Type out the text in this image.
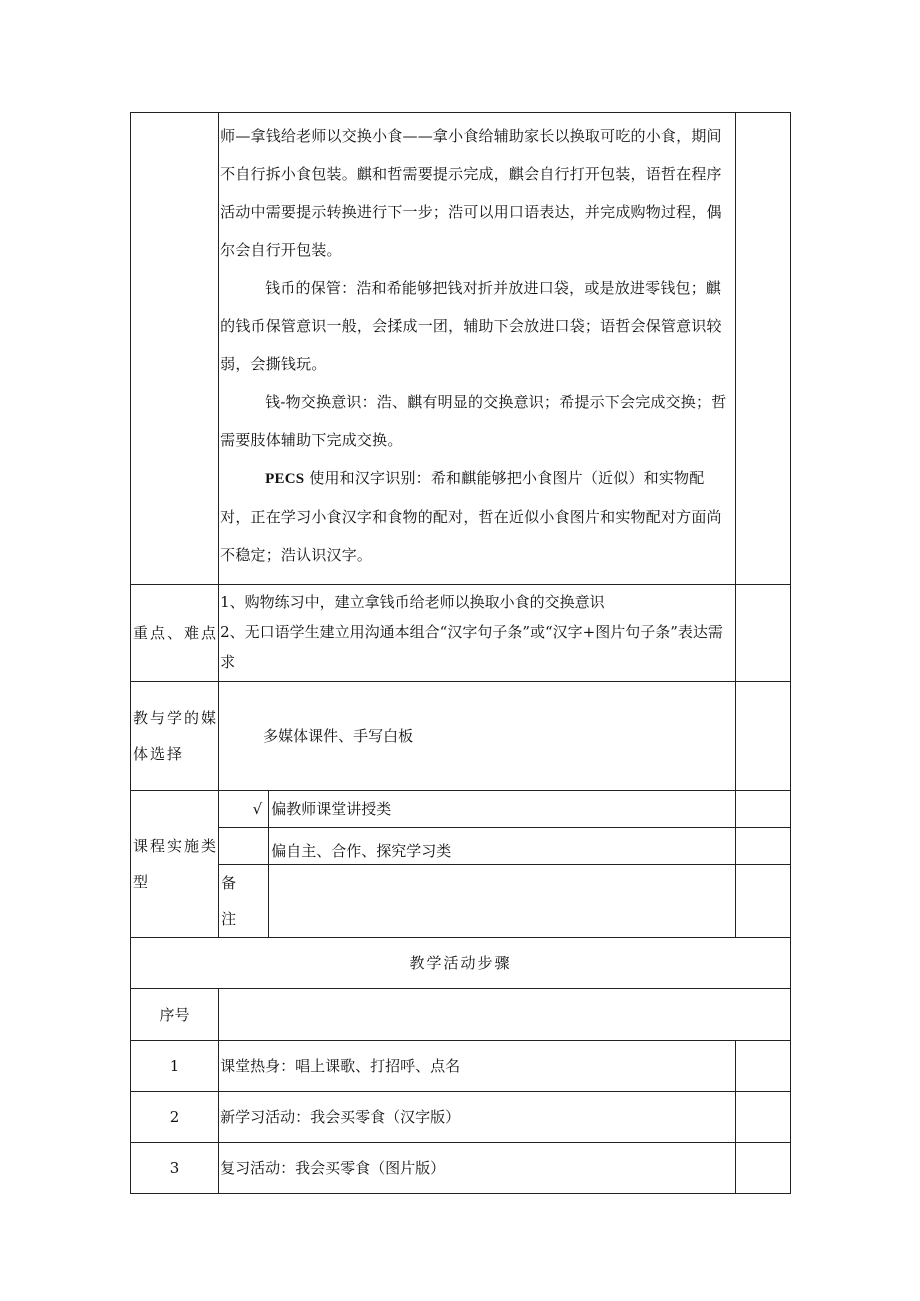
	师—拿钱给老师以交换小食——拿小食给辅助家长以换取可吃的小食，期间不自行拆小食包装。麒和哲需要提示完成，麒会自行打开包装，语哲在程序活动中需要提示转换进行下一步；浩可以用口语表达，并完成购物过程，偶尔会自行开包装。

钱币的保管：浩和希能够把钱对折并放进口袋，或是放进零钱包；麒的钱币保管意识一般，会揉成一团，辅助下会放进口袋；语哲会保管意识较弱，会撕钱玩。

钱-物交换意识：浩、麒有明显的交换意识；希提示下会完成交换；哲需要肢体辅助下完成交换。

PECS 使用和汉字识别：希和麒能够把小食图片（近似）和实物配对，正在学习小食汉字和食物的配对，哲在近似小食图片和实物配对方面尚不稳定；浩认识汉字。		

重点、难点	1、购物练习中，建立拿钱币给老师以换取小食的交换意识
2、无口语学生建立用沟通本组合“汉字句子条”或“汉字+图片句子条”表达需求		

教与学的媒体选择	多媒体课件、手写白板		

课程实施类型	√	偏教师课堂讲授类	
		偏自主、合作、探究学习类	
	备注		
教学活动步骤			
序号			
1	课堂热身：唱上课歌、打招呼、点名		
2	新学习活动：我会买零食（汉字版）		
3	复习活动：我会买零食（图片版）		
